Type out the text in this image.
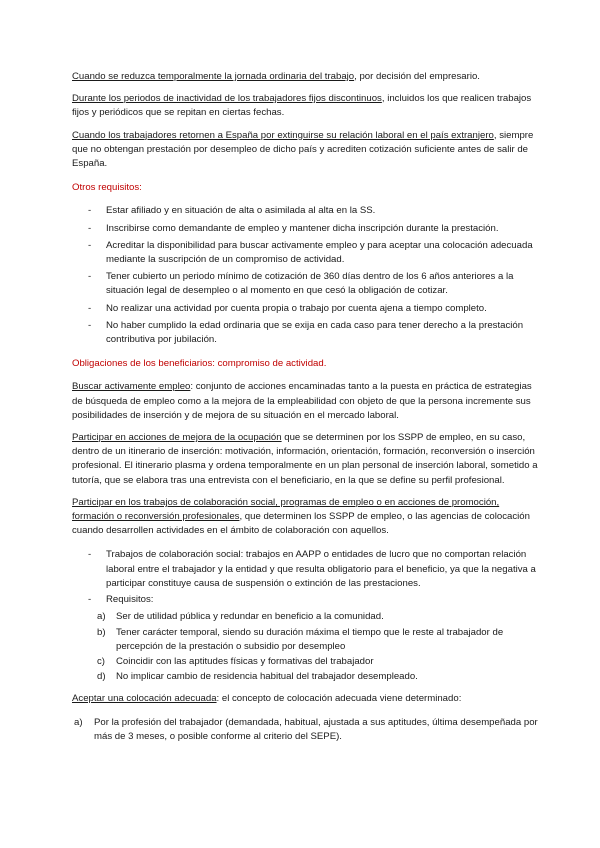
Cuando se reduzca temporalmente la jornada ordinaria del trabajo, por decisión del empresario.

Durante los periodos de inactividad de los trabajadores fijos discontinuos, incluidos los que realicen trabajos fijos y periódicos que se repitan en ciertas fechas.

Cuando los trabajadores retornen a España por extinguirse su relación laboral en el país extranjero, siempre que no obtengan prestación por desempleo de dicho país y acrediten cotización suficiente antes de salir de España.

Otros requisitos:

- Estar afiliado y en situación de alta o asimilada al alta en la SS.
- Inscribirse como demandante de empleo y mantener dicha inscripción durante la prestación.
- Acreditar la disponibilidad para buscar activamente empleo y para aceptar una colocación adecuada mediante la suscripción de un compromiso de actividad.
- Tener cubierto un periodo mínimo de cotización de 360 días dentro de los 6 años anteriores a la situación legal de desempleo o al momento en que cesó la obligación de cotizar.
- No realizar una actividad por cuenta propia o trabajo por cuenta ajena a tiempo completo.
- No haber cumplido la edad ordinaria que se exija en cada caso para tener derecho a la prestación contributiva por jubilación.

Obligaciones de los beneficiarios: compromiso de actividad.

Buscar activamente empleo: conjunto de acciones encaminadas tanto a la puesta en práctica de estrategias de búsqueda de empleo como a la mejora de la empleabilidad con objeto de que la persona incremente sus posibilidades de inserción y de mejora de su situación en el mercado laboral.

Participar en acciones de mejora de la ocupación que se determinen por los SSPP de empleo, en su caso, dentro de un itinerario de inserción: motivación, información, orientación, formación, reconversión o inserción profesional. El itinerario plasma y ordena temporalmente en un plan personal de inserción laboral, sometido a tutoría, que se elabora tras una entrevista con el beneficiario, en la que se define su perfil profesional.

Participar en los trabajos de colaboración social, programas de empleo o en acciones de promoción, formación o reconversión profesionales, que determinen los SSPP de empleo, o las agencias de colocación cuando desarrollen actividades en el ámbito de colaboración con aquellos.

- Trabajos de colaboración social: trabajos en AAPP o entidades de lucro que no comportan relación laboral entre el trabajador y la entidad y que resulta obligatorio para el beneficio, ya que la negativa a participar constituye causa de suspensión o extinción de las prestaciones.
- Requisitos:
a) Ser de utilidad pública y redundar en beneficio a la comunidad.
b) Tener carácter temporal, siendo su duración máxima el tiempo que le reste al trabajador de percepción de la prestación o subsidio por desempleo
c) Coincidir con las aptitudes físicas y formativas del trabajador
d) No implicar cambio de residencia habitual del trabajador desempleado.

Aceptar una colocación adecuada: el concepto de colocación adecuada viene determinado:

a) Por la profesión del trabajador (demandada, habitual, ajustada a sus aptitudes, última desempeñada por más de 3 meses, o posible conforme al criterio del SEPE).
